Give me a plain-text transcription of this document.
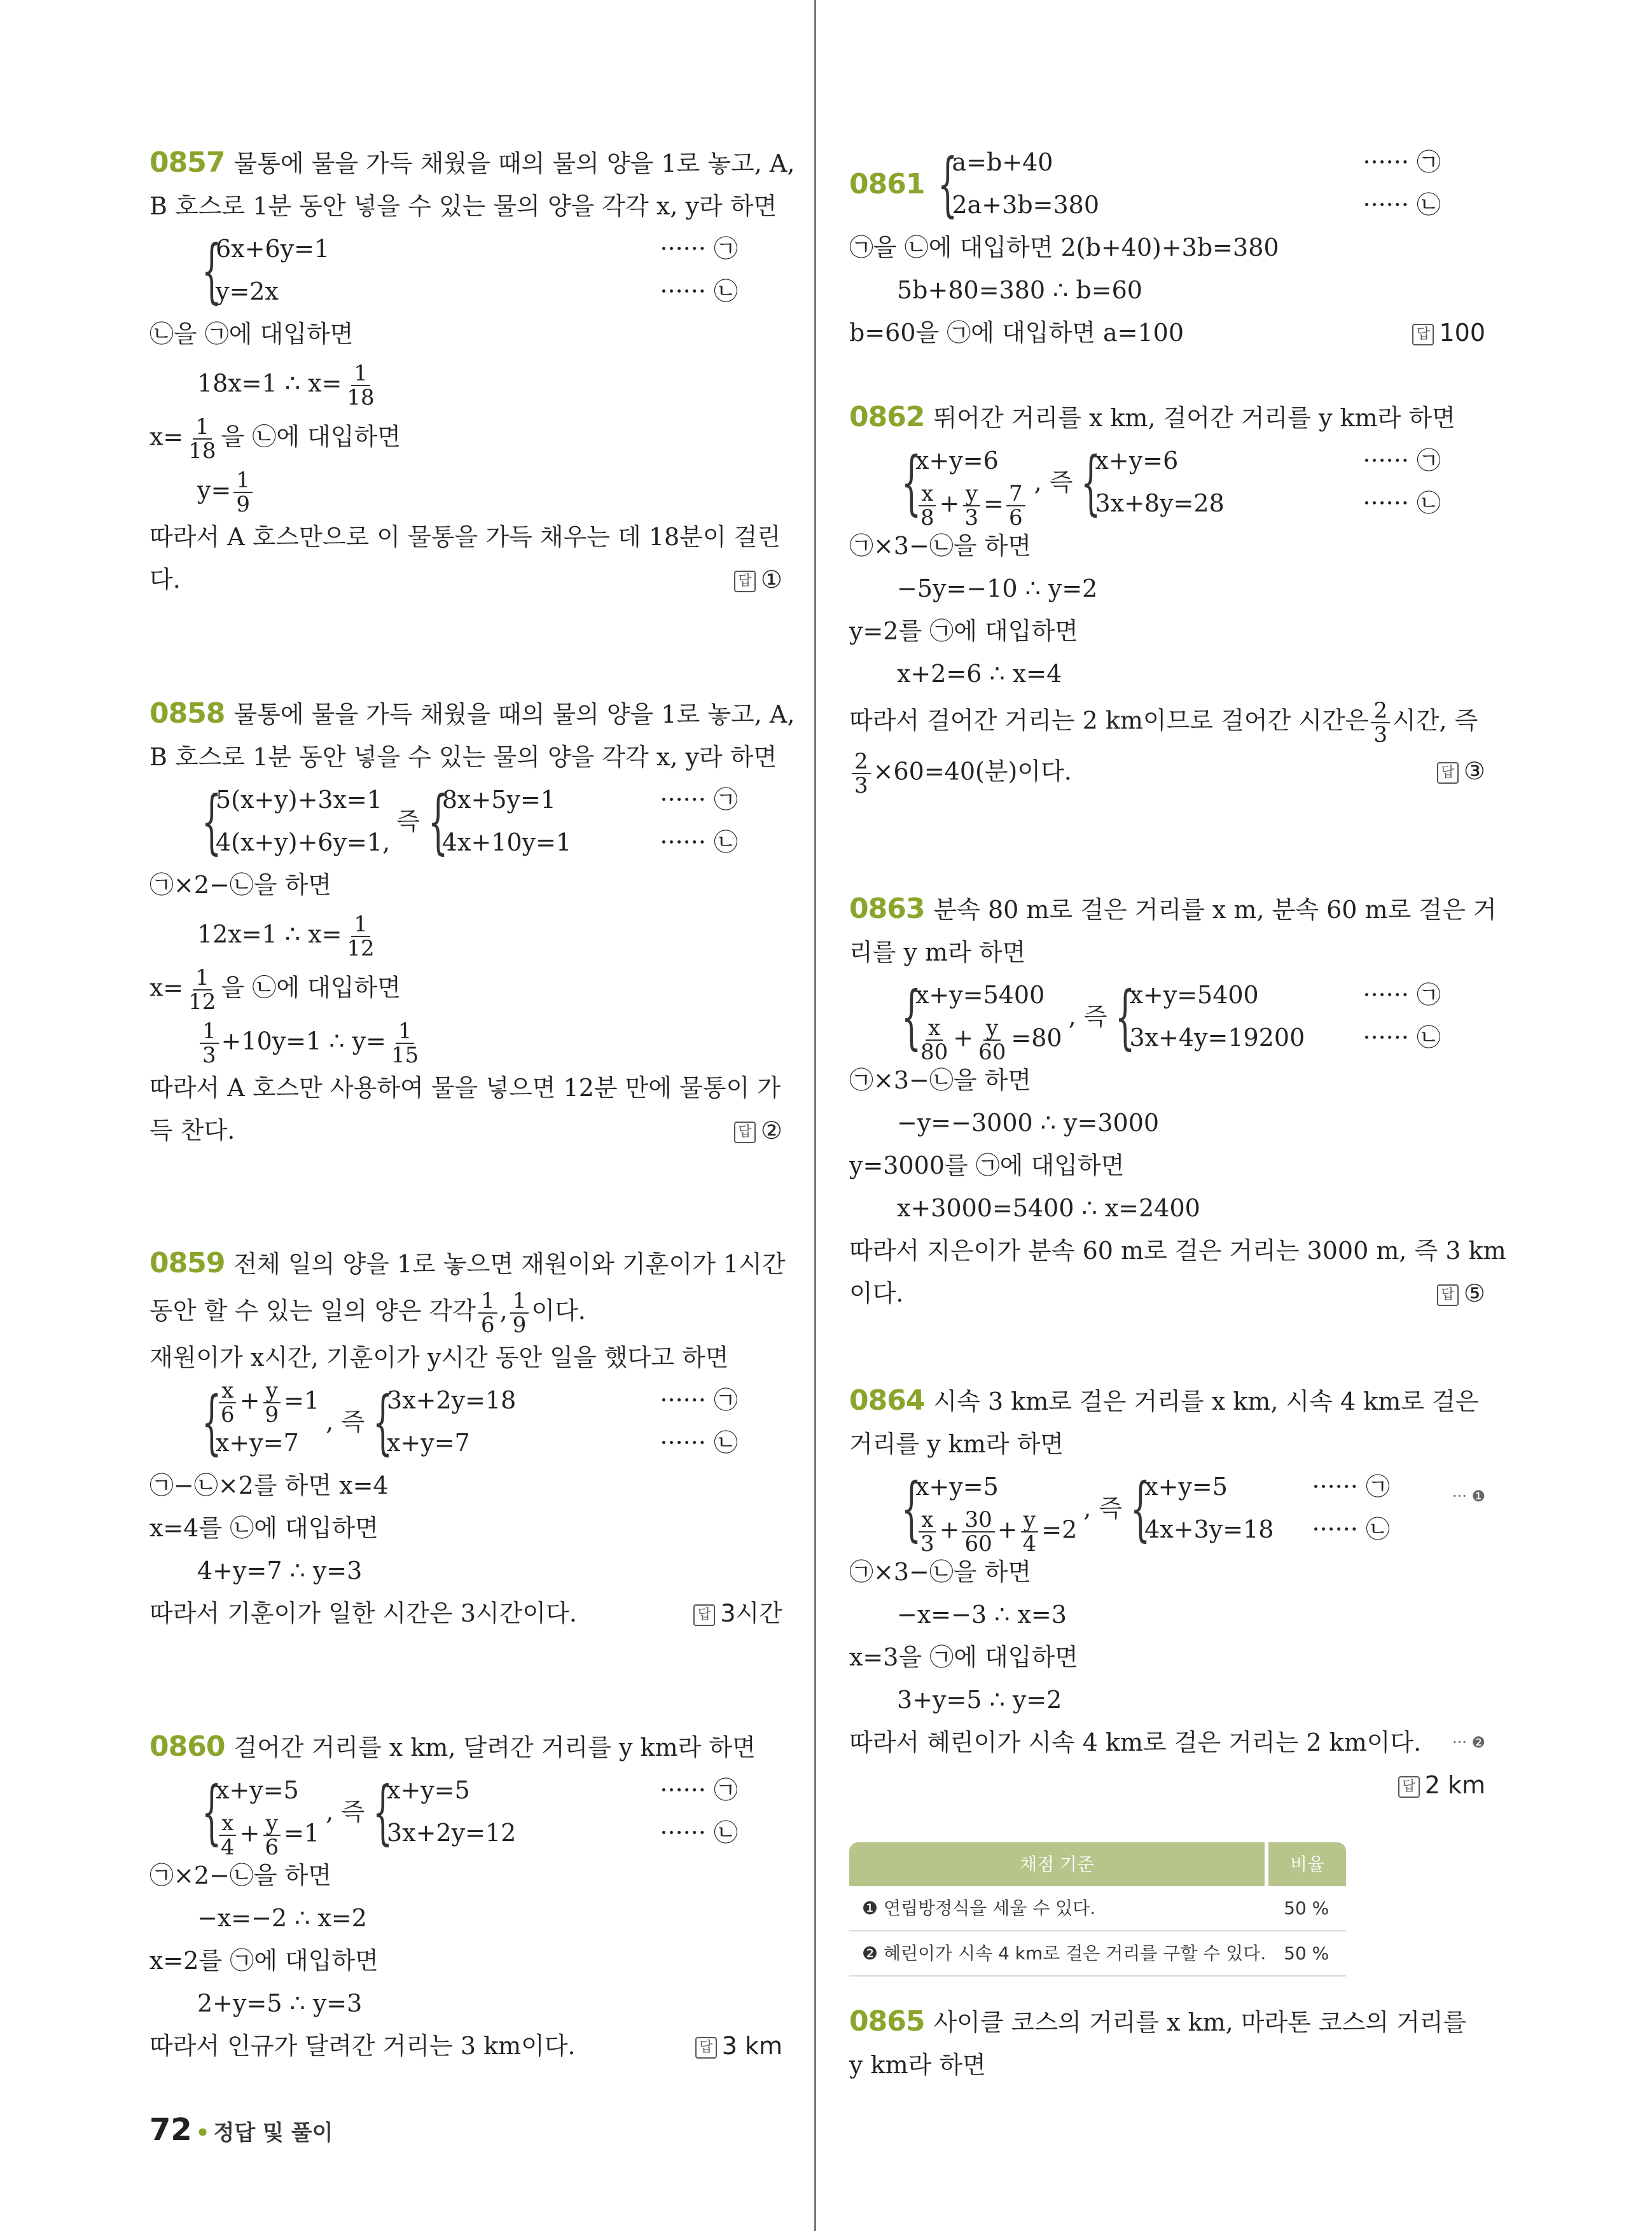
0857 물통에 물을 가득 채웠을 때의 물의 양을 1로 놓고, A,
B 호스로 1분 동안 넣을 수 있는 물의 양을 각각 x, y라 하면
{
6x+6y=1
y=2x
······ ㉠
······ ㉡
㉡을 ㉠에 대입하면
18x=1 ∴ $x= \frac{1}{18}$
$x= \frac{1}{18}$ 을 ㉡에 대입하면
$y= \frac{1}{9}$
따라서 A 호스만으로 이 물통을 가득 채우는 데 18분이 걸린
다.	답 ①
0858 물통에 물을 가득 채웠을 때의 물의 양을 1로 놓고, A,
B 호스로 1분 동안 넣을 수 있는 물의 양을 각각 x, y라 하면
{
5(x+y)+3x=1
4(x+y)+6y=1,
즉 {
8x+5y=1
4x+10y=1
······ ㉠
······ ㉡
㉠×2−㉡을 하면
12x=1 ∴ $x= \frac{1}{12}$
$x= \frac{1}{12}$ 을 ㉡에 대입하면
$\frac{1}{3} +10y=1$ ∴ $y= \frac{1}{15}$
따라서 A 호스만 사용하여 물을 넣으면 12분 만에 물통이 가
득 찬다.	답 ②
0859 전체 일의 양을 1로 놓으면 재원이와 기훈이가 1시간
동안 할 수 있는 일의 양은 각각 $\frac{1}{6}$ , $\frac{1}{9}$ 이다.
재원이가 x시간, 기훈이가 y시간 동안 일을 했다고 하면
{
$\frac{x}{6} + \frac{y}{9} =1$
x+y=7
, 즉 {
3x+2y=18
x+y=7
······ ㉠
······ ㉡
㉠−㉡×2를 하면 x=4
x=4를 ㉡에 대입하면
4+y=7 ∴ y=3
따라서 기훈이가 일한 시간은 3시간이다.	답 3시간
0860 걸어간 거리를 x km, 달려간 거리를 y km라 하면
{
x+y=5
$\frac{x}{4} + \frac{y}{6} =1$
, 즉 {
x+y=5
3x+2y=12
······ ㉠
······ ㉡
㉠×2−㉡을 하면
−x=−2 ∴ x=2
x=2를 ㉠에 대입하면
2+y=5 ∴ y=3
따라서 인규가 달려간 거리는 3 km이다.	답 3 km
0861 {
a=b+40
2a+3b=380
······ ㉠
······ ㉡
㉠을 ㉡에 대입하면 2(b+40)+3b=380
5b+80=380 ∴ b=60
b=60을 ㉠에 대입하면 a=100	답 100
0862 뛰어간 거리를 x km, 걸어간 거리를 y km라 하면
{
x+y=6
$\frac{x}{8} + \frac{y}{3} = \frac{7}{6}$
, 즉 {
x+y=6
3x+8y=28
······ ㉠
······ ㉡
㉠×3−㉡을 하면
−5y=−10 ∴ y=2
y=2를 ㉠에 대입하면
x+2=6 ∴ x=4
따라서 걸어간 거리는 2 km이므로 걸어간 시간은 $\frac{2}{3}$ 시간, 즉
$\frac{2}{3} \times 60=40$(분)이다.	답 ③
0863 분속 80 m로 걸은 거리를 x m, 분속 60 m로 걸은 거
리를 y m라 하면
{
x+y=5400
$\frac{x}{80} + \frac{y}{60} =80$
, 즉 {
x+y=5400
3x+4y=19200
······ ㉠
······ ㉡
㉠×3−㉡을 하면
−y=−3000 ∴ y=3000
y=3000를 ㉠에 대입하면
x+3000=5400 ∴ x=2400
따라서 지은이가 분속 60 m로 걸은 거리는 3000 m, 즉 3 km
이다.	답 ⑤
0864 시속 3 km로 걸은 거리를 x km, 시속 4 km로 걸은
거리를 y km라 하면
{
x+y=5
$\frac{x}{3} + \frac{30}{60} + \frac{y}{4} =2$
, 즉 {
x+y=5
4x+3y=18
······ ㉠
······ ㉡
··· ❶
㉠×3−㉡을 하면
−x=−3 ∴ x=3
x=3을 ㉠에 대입하면
3+y=5 ∴ y=2
따라서 혜린이가 시속 4 km로 걸은 거리는 2 km이다. ··· ❷
답 2 km
채점 기준	비율
❶ 연립방정식을 세울 수 있다.	50 %
❷ 혜린이가 시속 4 km로 걸은 거리를 구할 수 있다.	50 %
0865 사이클 코스의 거리를 x km, 마라톤 코스의 거리를
y km라 하면
72 • 정답 및 풀이
